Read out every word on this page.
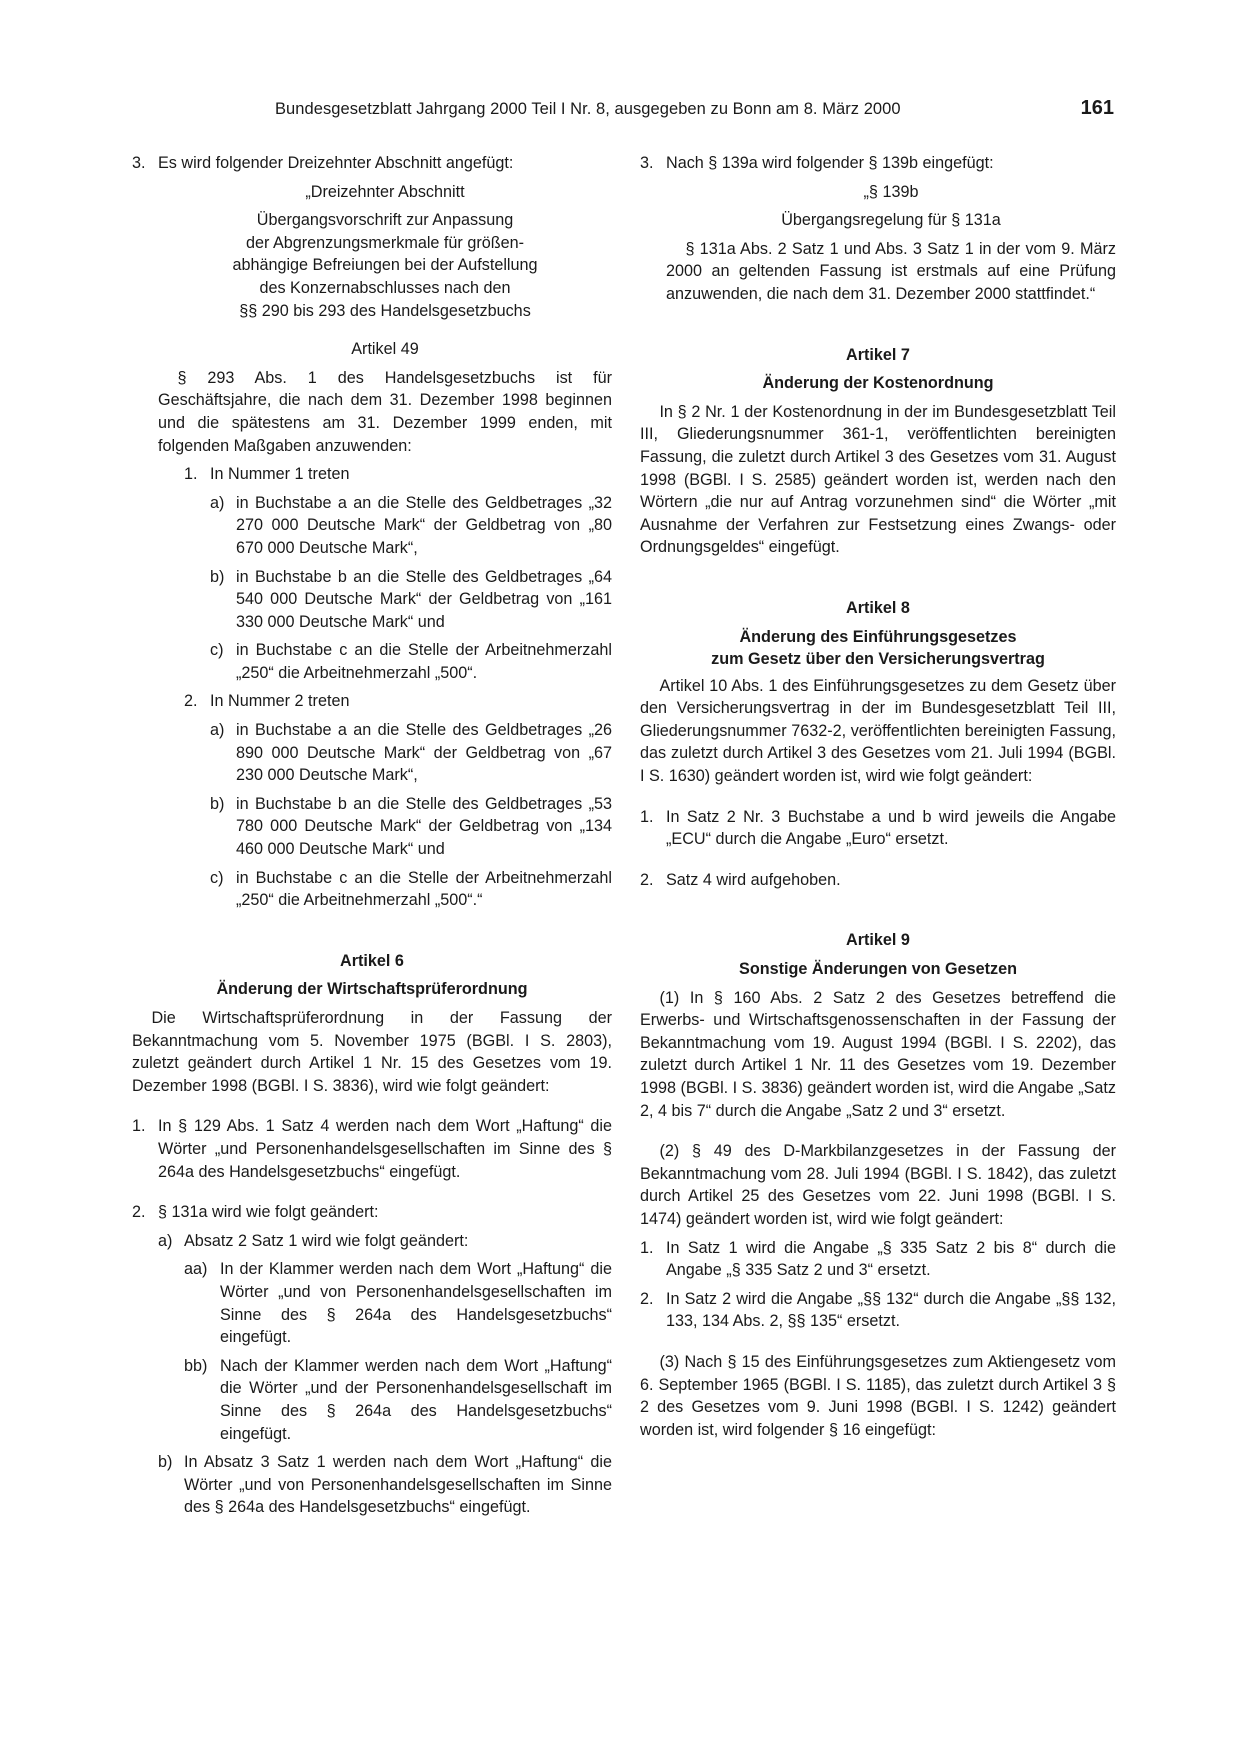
Bundesgesetzblatt Jahrgang 2000 Teil I Nr. 8, ausgegeben zu Bonn am 8. März 2000	161
3. Es wird folgender Dreizehnter Abschnitt angefügt:

„Dreizehnter Abschnitt

Übergangsvorschrift zur Anpassung

der Abgrenzungsmerkmale für größen-

abhängige Befreiungen bei der Aufstellung

des Konzernabschlusses nach den

§§ 290 bis 293 des Handelsgesetzbuchs

Artikel 49

§ 293 Abs. 1 des Handelsgesetzbuchs ist für Geschäftsjahre, die nach dem 31. Dezember 1998 beginnen und die spätestens am 31. Dezember 1999 enden, mit folgenden Maßgaben anzuwenden:

1. In Nummer 1 treten

a) in Buchstabe a an die Stelle des Geldbetrages „32 270 000 Deutsche Mark“ der Geldbetrag von „80 670 000 Deutsche Mark“,

b) in Buchstabe b an die Stelle des Geldbetrages „64 540 000 Deutsche Mark“ der Geldbetrag von „161 330 000 Deutsche Mark“ und

c) in Buchstabe c an die Stelle der Arbeitnehmerzahl „250“ die Arbeitnehmerzahl „500“.

2. In Nummer 2 treten

a) in Buchstabe a an die Stelle des Geldbetrages „26 890 000 Deutsche Mark“ der Geldbetrag von „67 230 000 Deutsche Mark“,

b) in Buchstabe b an die Stelle des Geldbetrages „53 780 000 Deutsche Mark“ der Geldbetrag von „134 460 000 Deutsche Mark“ und

c) in Buchstabe c an die Stelle der Arbeitnehmerzahl „250“ die Arbeitnehmerzahl „500“.“

Artikel 6

Änderung der Wirtschaftsprüferordnung

Die Wirtschaftsprüferordnung in der Fassung der Bekanntmachung vom 5. November 1975 (BGBl. I S. 2803), zuletzt geändert durch Artikel 1 Nr. 15 des Gesetzes vom 19. Dezember 1998 (BGBl. I S. 3836), wird wie folgt geändert:

1. In § 129 Abs. 1 Satz 4 werden nach dem Wort „Haftung“ die Wörter „und Personenhandelsgesellschaften im Sinne des § 264a des Handelsgesetzbuchs“ eingefügt.

2. § 131a wird wie folgt geändert:

a) Absatz 2 Satz 1 wird wie folgt geändert:

aa) In der Klammer werden nach dem Wort „Haftung“ die Wörter „und von Personenhandelsgesellschaften im Sinne des § 264a des Handelsgesetzbuchs“ eingefügt.

bb) Nach der Klammer werden nach dem Wort „Haftung“ die Wörter „und der Personenhandelsgesellschaft im Sinne des § 264a des Handelsgesetzbuchs“ eingefügt.

b) In Absatz 3 Satz 1 werden nach dem Wort „Haftung“ die Wörter „und von Personenhandelsgesellschaften im Sinne des § 264a des Handelsgesetzbuchs“ eingefügt.

3. Nach § 139a wird folgender § 139b eingefügt:

„§ 139b

Übergangsregelung für § 131a

§ 131a Abs. 2 Satz 1 und Abs. 3 Satz 1 in der vom 9. März 2000 an geltenden Fassung ist erstmals auf eine Prüfung anzuwenden, die nach dem 31. Dezember 2000 stattfindet.“

Artikel 7

Änderung der Kostenordnung

In § 2 Nr. 1 der Kostenordnung in der im Bundesgesetzblatt Teil III, Gliederungsnummer 361-1, veröffentlichten bereinigten Fassung, die zuletzt durch Artikel 3 des Gesetzes vom 31. August 1998 (BGBl. I S. 2585) geändert worden ist, werden nach den Wörtern „die nur auf Antrag vorzunehmen sind“ die Wörter „mit Ausnahme der Verfahren zur Festsetzung eines Zwangs- oder Ordnungsgeldes“ eingefügt.

Artikel 8

Änderung des Einführungsgesetzes

zum Gesetz über den Versicherungsvertrag

Artikel 10 Abs. 1 des Einführungsgesetzes zu dem Gesetz über den Versicherungsvertrag in der im Bundesgesetzblatt Teil III, Gliederungsnummer 7632-2, veröffentlichten bereinigten Fassung, das zuletzt durch Artikel 3 des Gesetzes vom 21. Juli 1994 (BGBl. I S. 1630) geändert worden ist, wird wie folgt geändert:

1. In Satz 2 Nr. 3 Buchstabe a und b wird jeweils die Angabe „ECU“ durch die Angabe „Euro“ ersetzt.

2. Satz 4 wird aufgehoben.

Artikel 9

Sonstige Änderungen von Gesetzen

(1) In § 160 Abs. 2 Satz 2 des Gesetzes betreffend die Erwerbs- und Wirtschaftsgenossenschaften in der Fassung der Bekanntmachung vom 19. August 1994 (BGBl. I S. 2202), das zuletzt durch Artikel 1 Nr. 11 des Gesetzes vom 19. Dezember 1998 (BGBl. I S. 3836) geändert worden ist, wird die Angabe „Satz 2, 4 bis 7“ durch die Angabe „Satz 2 und 3“ ersetzt.

(2) § 49 des D-Markbilanzgesetzes in der Fassung der Bekanntmachung vom 28. Juli 1994 (BGBl. I S. 1842), das zuletzt durch Artikel 25 des Gesetzes vom 22. Juni 1998 (BGBl. I S. 1474) geändert worden ist, wird wie folgt geändert:

1. In Satz 1 wird die Angabe „§ 335 Satz 2 bis 8“ durch die Angabe „§ 335 Satz 2 und 3“ ersetzt.

2. In Satz 2 wird die Angabe „§§ 132“ durch die Angabe „§§ 132, 133, 134 Abs. 2, §§ 135“ ersetzt.

(3) Nach § 15 des Einführungsgesetzes zum Aktiengesetz vom 6. September 1965 (BGBl. I S. 1185), das zuletzt durch Artikel 3 § 2 des Gesetzes vom 9. Juni 1998 (BGBl. I S. 1242) geändert worden ist, wird folgender § 16 eingefügt:
